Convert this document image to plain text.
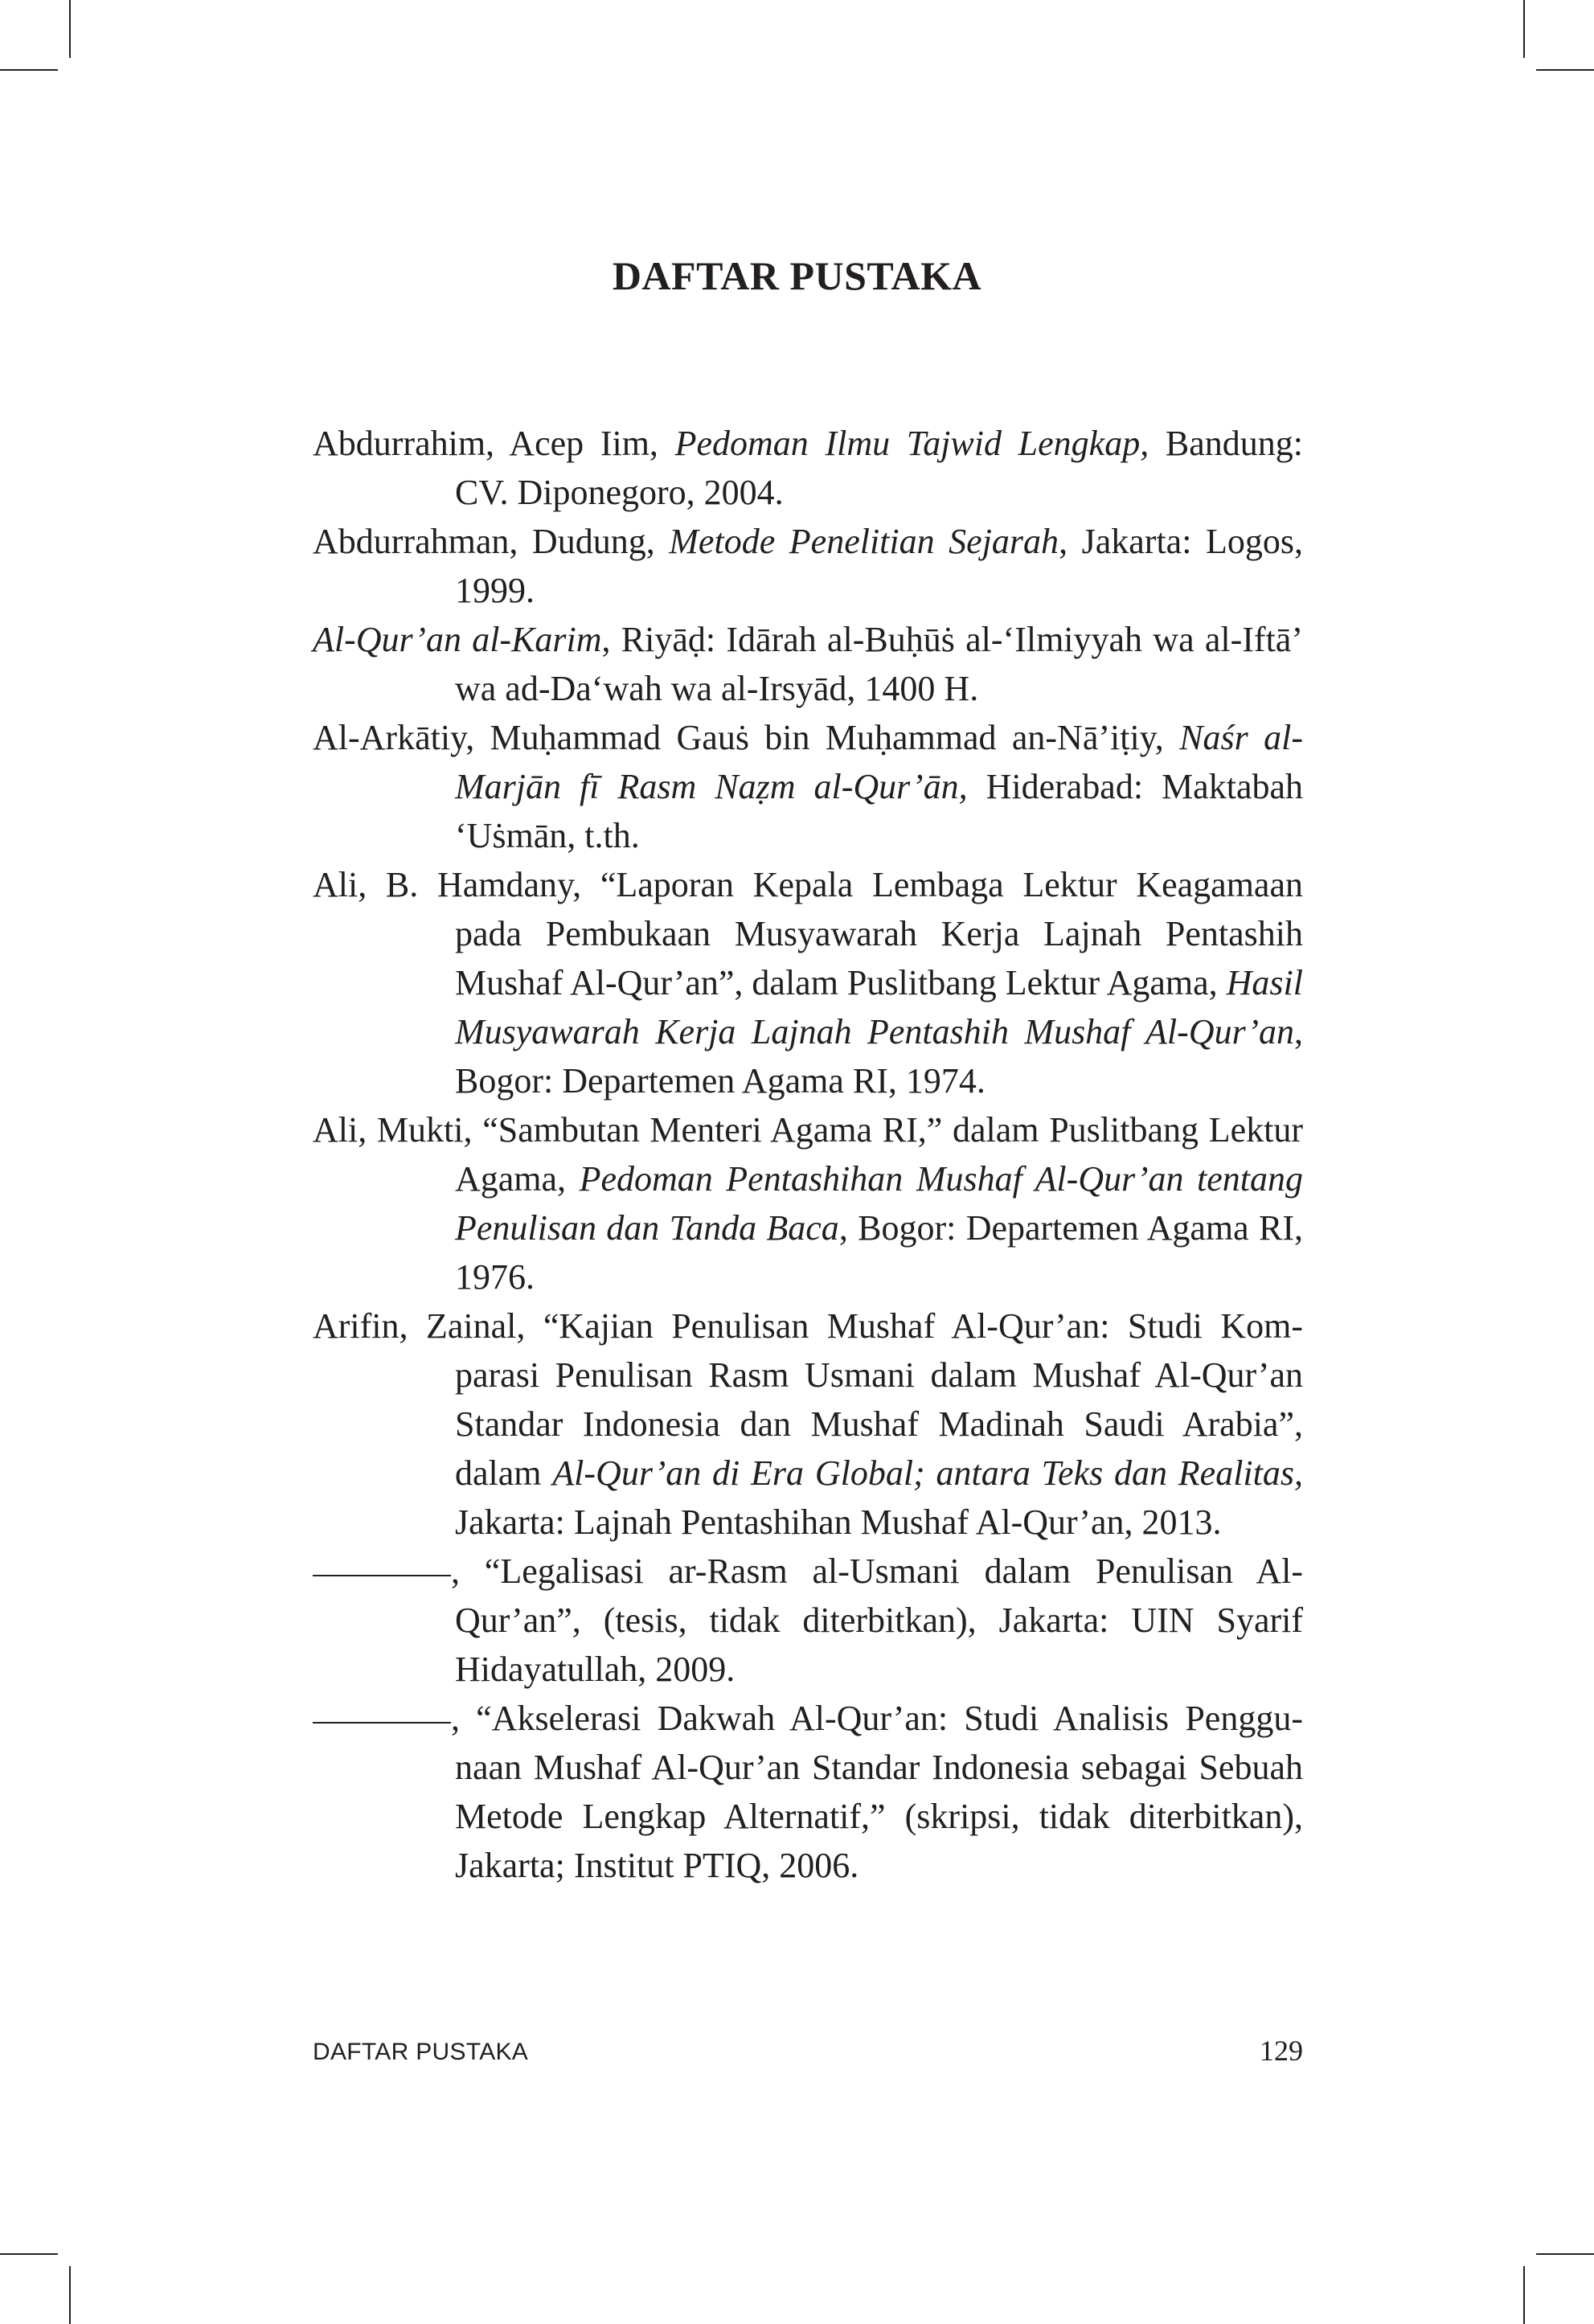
DAFTAR PUSTAKA

Abdurrahim, Acep Iim, Pedoman Ilmu Tajwid Lengkap, Bandung: CV. Diponegoro, 2004.

Abdurrahman, Dudung, Metode Penelitian Sejarah, Jakarta: Logos, 1999.

Al-Qur’an al-Karim, Riyāḍ: Idārah al-Buḥūṡ al-‘Ilmiyyah wa al-Iftā’ wa ad-Da‘wah wa al-Irsyād, 1400 H.

Al-Arkātiy, Muḥammad Gauṡ bin Muḥammad an-Nā’iṭiy, Naśr al-Marjān fī Rasm Naẓm al-Qur’ān, Hiderabad: Maktabah ‘Uṡmān, t.th.

Ali, B. Hamdany, “Laporan Kepala Lembaga Lektur Keagamaan pada Pembukaan Musyawarah Kerja Lajnah Pentashih Mushaf Al-Qur’an”, dalam Puslitbang Lektur Agama, Hasil Musyawarah Kerja Lajnah Pentashih Mushaf Al-Qur’an, Bogor: Departemen Agama RI, 1974.

Ali, Mukti, “Sambutan Menteri Agama RI,” dalam Puslitbang Lektur Agama, Pedoman Pentashihan Mushaf Al-Qur’an tentang Penulisan dan Tanda Baca, Bogor: Departemen Agama RI, 1976.

Arifin, Zainal, “Kajian Penulisan Mushaf Al-Qur’an: Studi Komparasi Penulisan Rasm Usmani dalam Mushaf Al-Qur’an Standar Indonesia dan Mushaf Madinah Saudi Arabia”, dalam Al-Qur’an di Era Global; antara Teks dan Realitas, Jakarta: Lajnah Pentashihan Mushaf Al-Qur’an, 2013.

, “Legalisasi ar-Rasm al-Usmani dalam Penulisan Al-Qur’an”, (tesis, tidak diterbitkan), Jakarta: UIN Syarif Hidayatullah, 2009.

, “Akselerasi Dakwah Al-Qur’an: Studi Analisis Penggunaan Mushaf Al-Qur’an Standar Indonesia sebagai Sebuah Metode Lengkap Alternatif,” (skripsi, tidak diterbitkan), Jakarta; Institut PTIQ, 2006.

DAFTAR PUSTAKA	129
